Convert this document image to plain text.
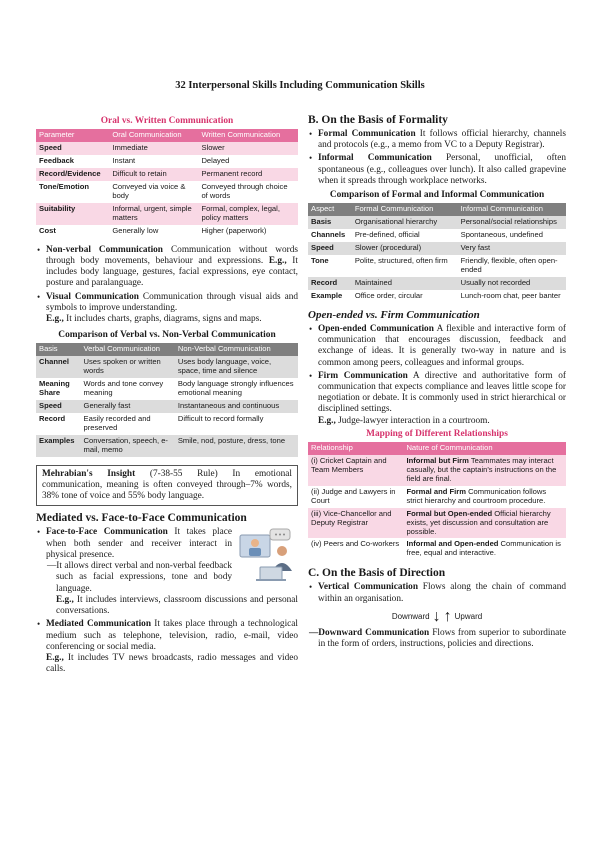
32 Interpersonal Skills Including Communication Skills
Oral vs. Written Communication
Parameter	Oral Communication	Written Communication
Speed	Immediate	Slower
Feedback	Instant	Delayed
Record/Evidence	Difficult to retain	Permanent record
Tone/Emotion	Conveyed via voice & body	Conveyed through choice of words
Suitability	Informal, urgent, simple matters	Formal, complex, legal, policy matters
Cost	Generally low	Higher (paperwork)
• Non-verbal Communication Communication without words through body movements, behaviour and expressions. E.g., It includes body language, gestures, facial expressions, eye contact, posture and paralanguage.
• Visual Communication Communication through visual aids and symbols to improve understanding.
E.g., It includes charts, graphs, diagrams, signs and maps.
Comparison of Verbal vs. Non-Verbal Communication
Basis	Verbal Communication	Non-Verbal Communication
Channel	Uses spoken or written words	Uses body language, voice, space, time and silence
Meaning Share	Words and tone convey meaning	Body language strongly influences emotional meaning
Speed	Generally fast	Instantaneous and continuous
Record	Easily recorded and preserved	Difficult to record formally
Examples	Conversation, speech, e-mail, memo	Smile, nod, posture, dress, tone

Mehrabian's Insight (7-38-55 Rule) In emotional communication, meaning is often conveyed through–7% words, 38% tone of voice and 55% body language.

Mediated vs. Face-to-Face Communication
• Face-to-Face Communication It takes place when both sender and receiver interact in physical presence.

—It allows direct verbal and non-verbal feedback such as facial expressions, tone and body language.

E.g., It includes interviews, classroom discussions and personal conversations.

• Mediated Communication It takes place through a technological medium such as telephone, television, radio, e-mail, video conferencing or social media.
E.g., It includes TV news broadcasts, radio messages and video calls.
B. On the Basis of Formality
• Formal Communication It follows official hierarchy, channels and protocols (e.g., a memo from VC to a Deputy Registrar).
• Informal Communication Personal, unofficial, often spontaneous (e.g., colleagues over lunch). It also called grapevine when it spreads through workplace networks.
Comparison of Formal and Informal Communication
Aspect	Formal Communication	Informal Communication
Basis	Organisational hierarchy	Personal/social relationships
Channels	Pre-defined, official	Spontaneous, undefined
Speed	Slower (procedural)	Very fast
Tone	Polite, structured, often firm	Friendly, flexible, often open-ended
Record	Maintained	Usually not recorded
Example	Office order, circular	Lunch-room chat, peer banter
Open-ended vs. Firm Communication
• Open-ended Communication A flexible and interactive form of communication that encourages discussion, feedback and exchange of ideas. It is generally two-way in nature and is common among peers, colleagues and informal groups.
• Firm Communication A directive and authoritative form of communication that expects compliance and leaves little scope for negotiation or debate. It is commonly used in strict hierarchical or disciplined settings.
E.g., Judge-lawyer interaction in a courtroom.
Mapping of Different Relationships
Relationship	Nature of Communication
(i) Cricket Captain and Team Members	Informal but Firm Teammates may interact casually, but the captain's instructions on the field are final.
(ii) Judge and Lawyers in Court	Formal and Firm Communication follows strict hierarchy and courtroom procedure.
(iii) Vice-Chancellor and Deputy Registrar	Formal but Open-ended Official hierarchy exists, yet discussion and consultation are possible.
(iv) Peers and Co-workers	Informal and Open-ended Communication is free, equal and interactive.
C. On the Basis of Direction
• Vertical Communication Flows along the chain of command within an organisation.
Downward ↓ ↑ Upward

—Downward Communication Flows from superior to subordinate in the form of orders, instructions, policies and directions.
